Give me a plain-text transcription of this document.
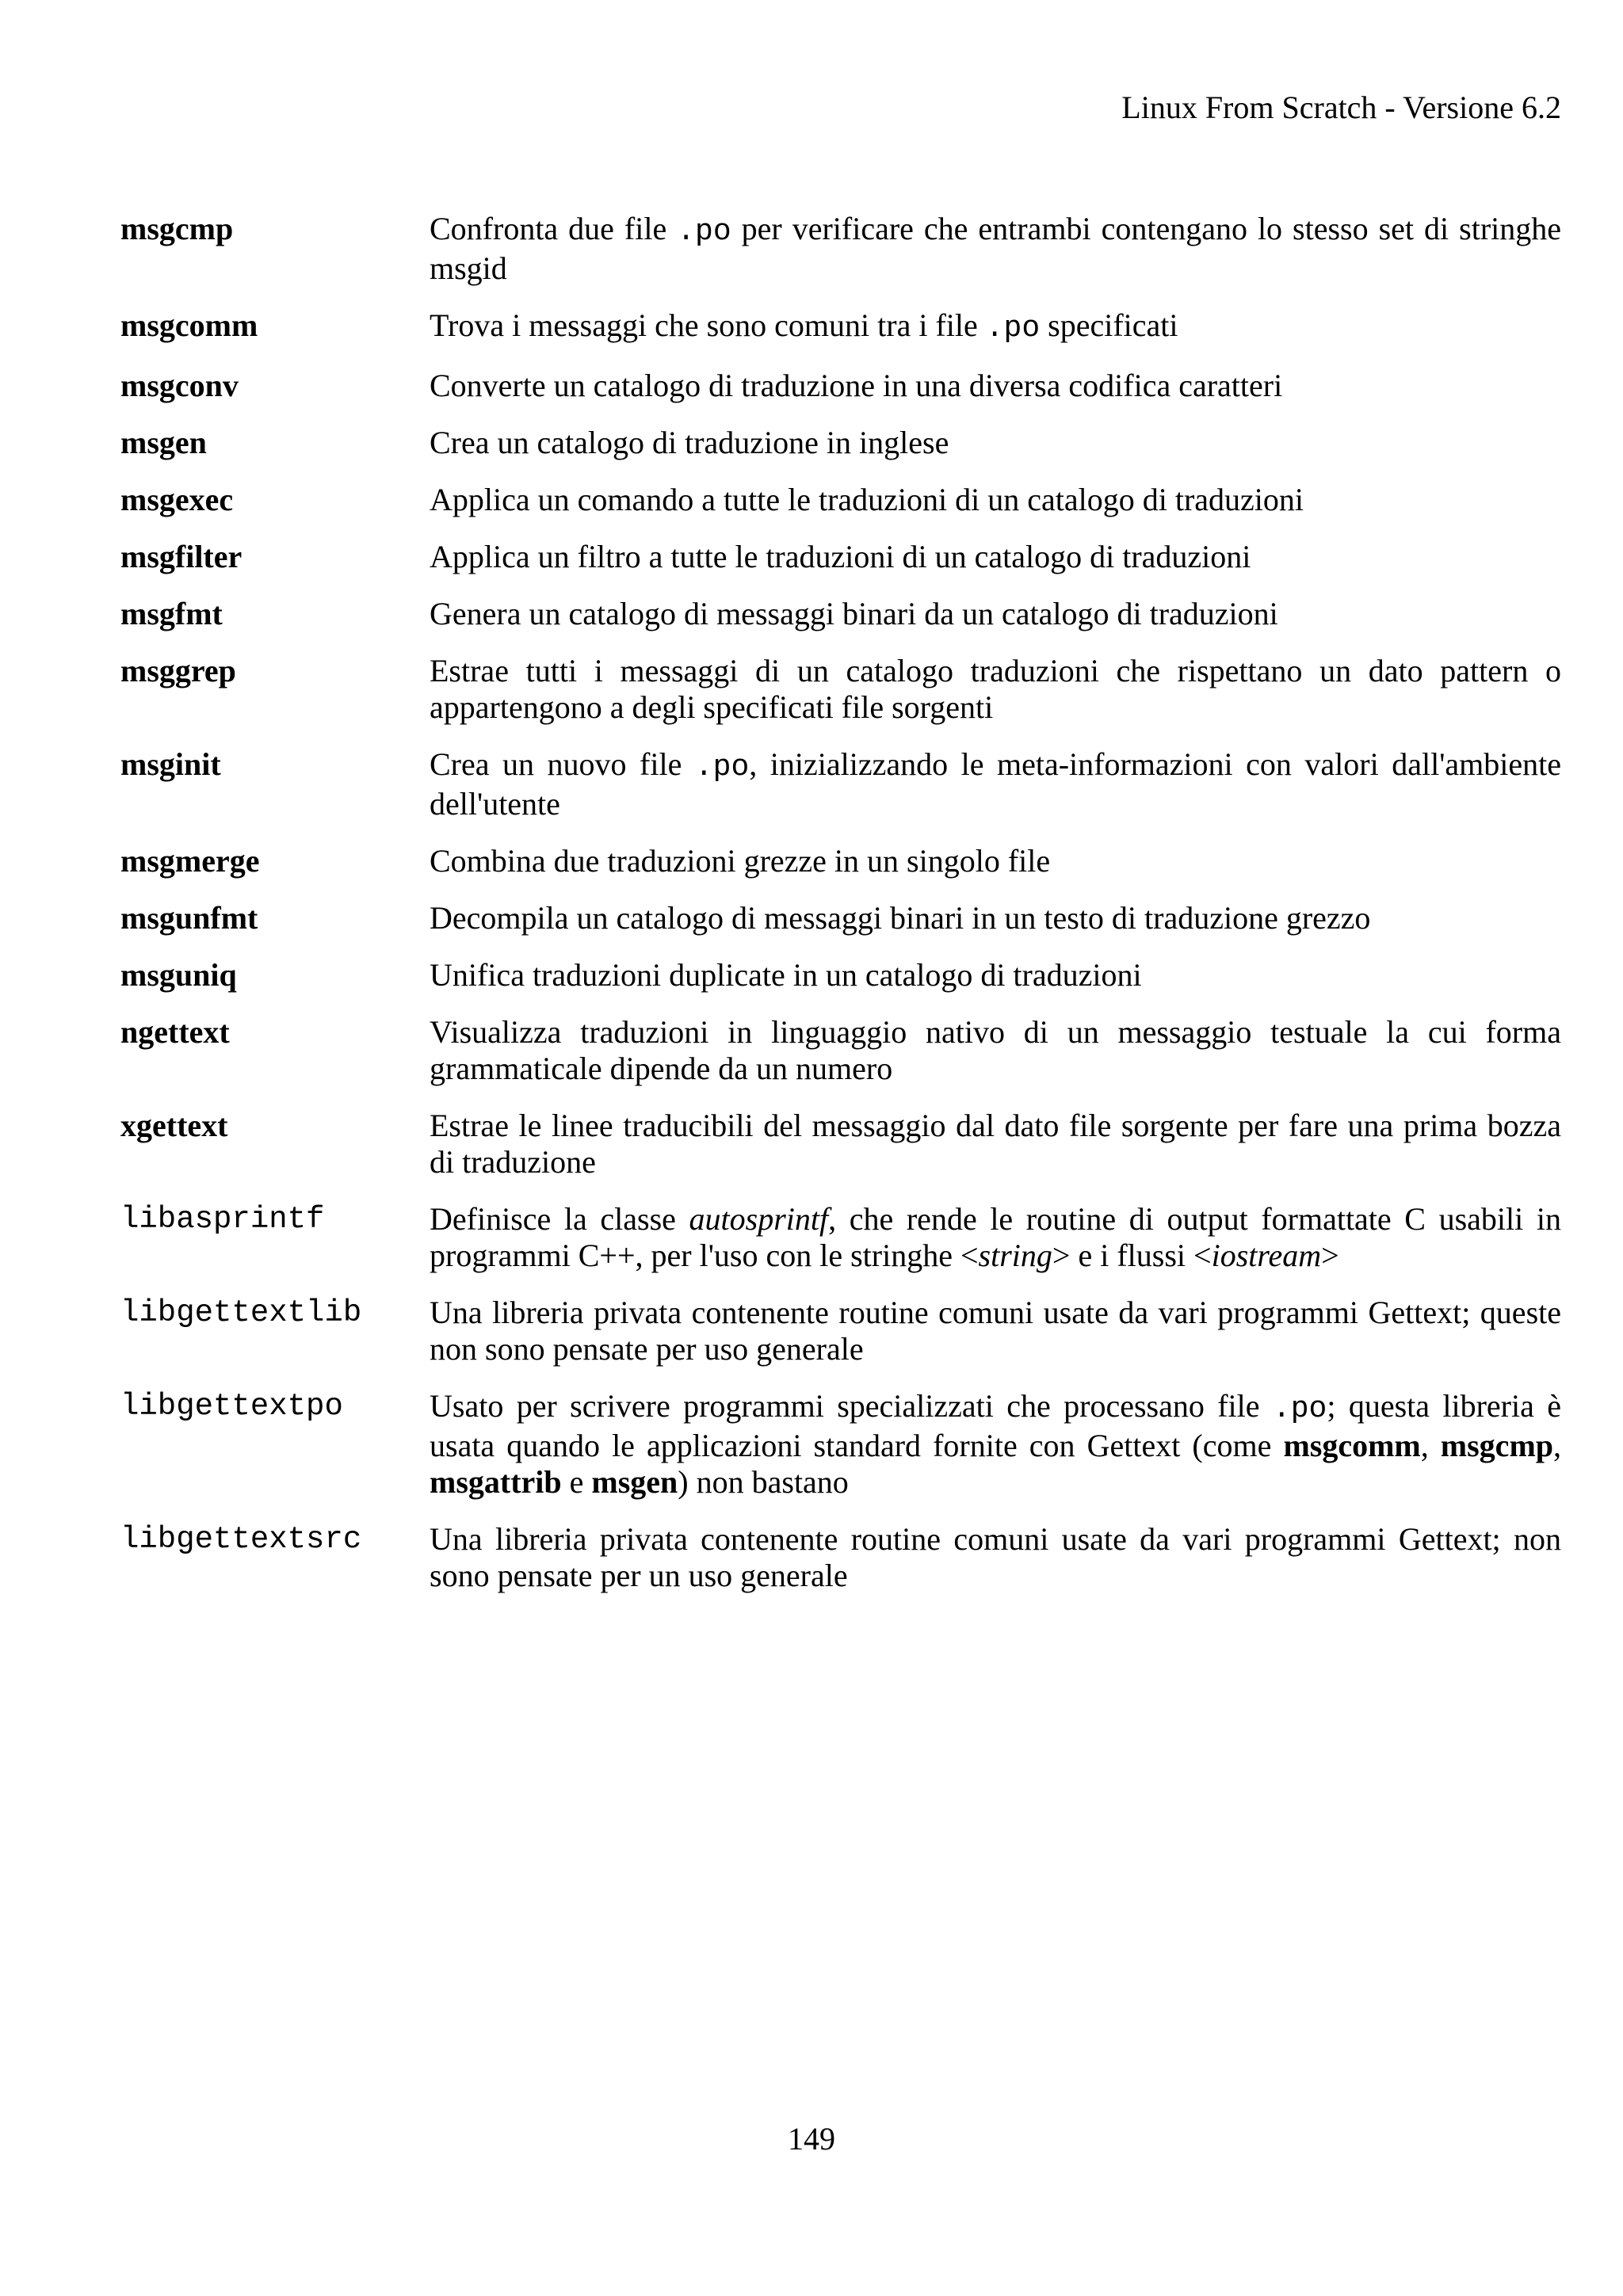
Linux From Scratch - Versione 6.2
msgcmp	Confronta due file .po per verificare che entrambi contengano lo stesso set di stringhe msgid
msgcomm	Trova i messaggi che sono comuni tra i file .po specificati
msgconv	Converte un catalogo di traduzione in una diversa codifica caratteri
msgen	Crea un catalogo di traduzione in inglese
msgexec	Applica un comando a tutte le traduzioni di un catalogo di traduzioni
msgfilter	Applica un filtro a tutte le traduzioni di un catalogo di traduzioni
msgfmt	Genera un catalogo di messaggi binari da un catalogo di traduzioni
msggrep	Estrae tutti i messaggi di un catalogo traduzioni che rispettano un dato pattern o appartengono a degli specificati file sorgenti
msginit	Crea un nuovo file .po, inizializzando le meta-informazioni con valori dall'ambiente dell'utente
msgmerge	Combina due traduzioni grezze in un singolo file
msgunfmt	Decompila un catalogo di messaggi binari in un testo di traduzione grezzo
msguniq	Unifica traduzioni duplicate in un catalogo di traduzioni
ngettext	Visualizza traduzioni in linguaggio nativo di un messaggio testuale la cui forma grammaticale dipende da un numero
xgettext	Estrae le linee traducibili del messaggio dal dato file sorgente per fare una prima bozza di traduzione
libasprintf	Definisce la classe autosprintf, che rende le routine di output formattate C usabili in programmi C++, per l'uso con le stringhe <string> e i flussi <iostream>
libgettextlib	Una libreria privata contenente routine comuni usate da vari programmi Gettext; queste non sono pensate per uso generale
libgettextpo	Usato per scrivere programmi specializzati che processano file .po; questa libreria è usata quando le applicazioni standard fornite con Gettext (come msgcomm, msgcmp, msgattrib e msgen) non bastano
libgettextsrc	Una libreria privata contenente routine comuni usate da vari programmi Gettext; non sono pensate per un uso generale
149
